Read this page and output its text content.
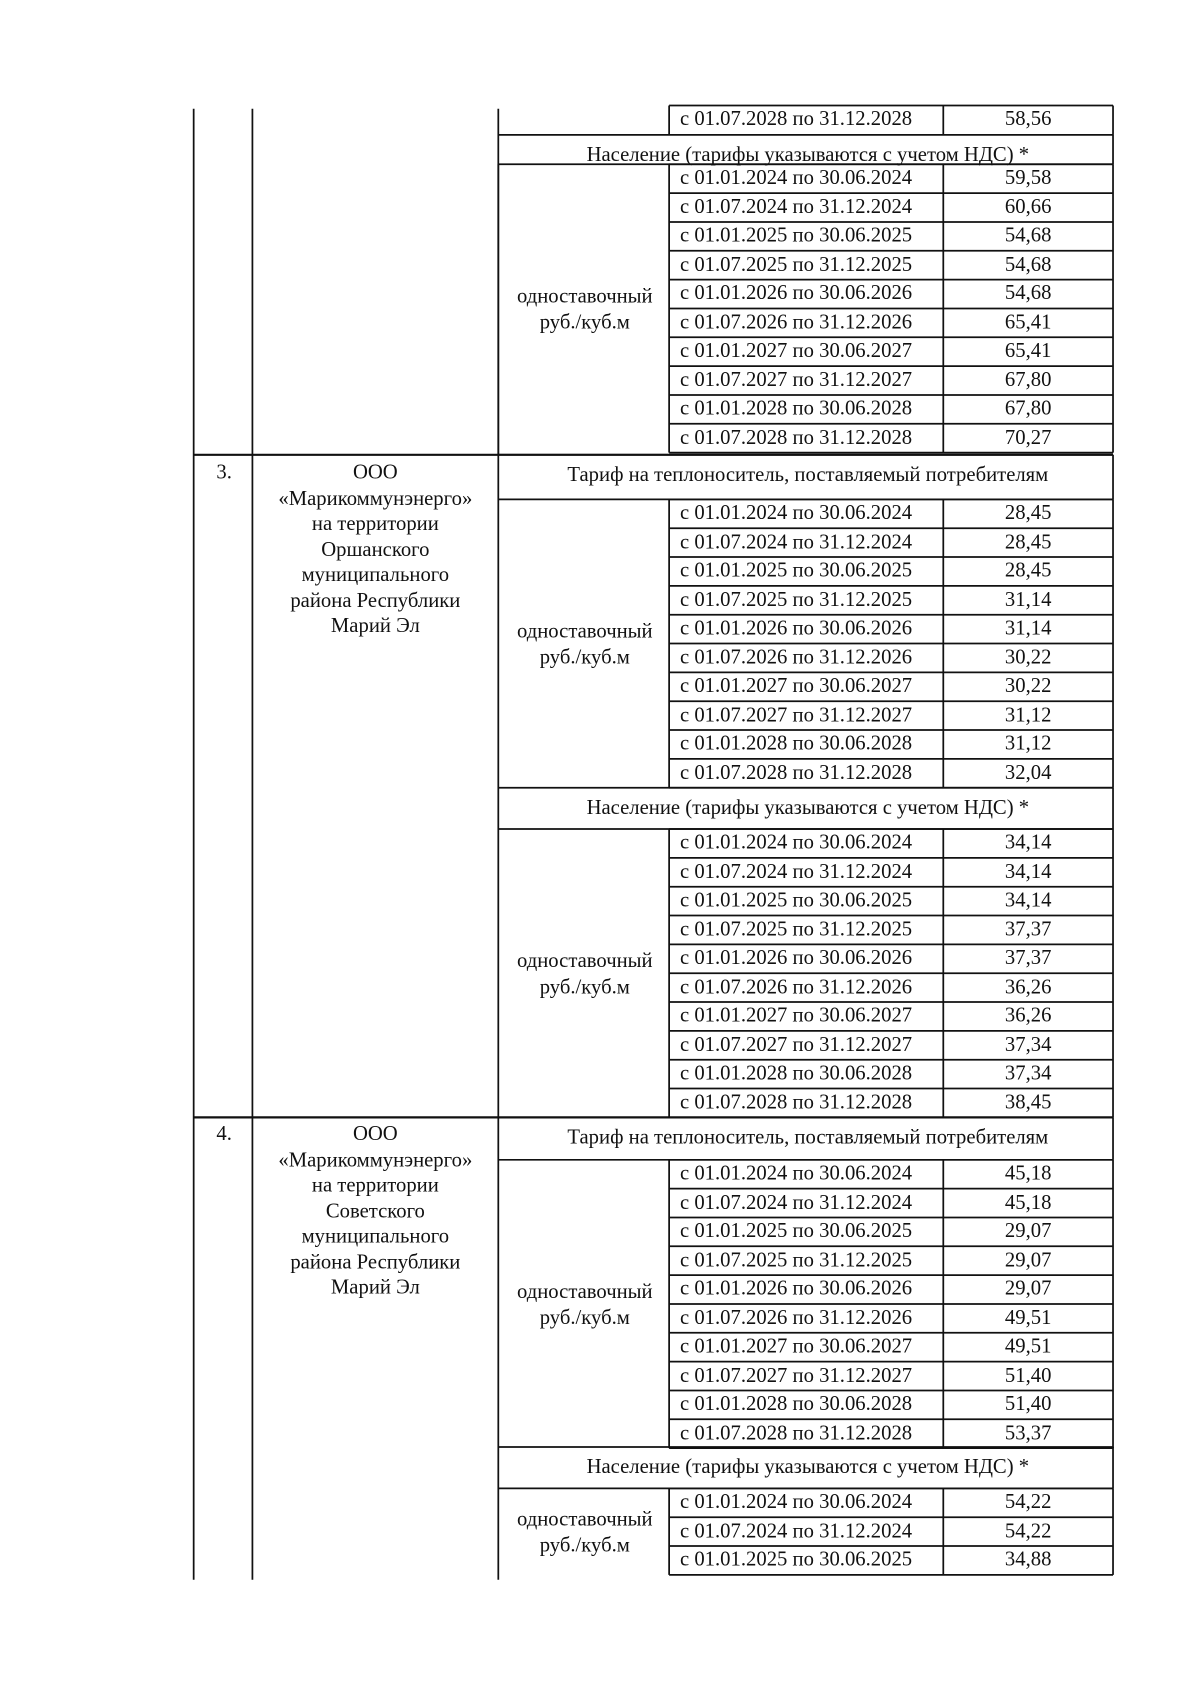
с 01.07.2028 по 31.12.2028	58,56
Население (тарифы указываются с учетом НДС) *
с 01.01.2024 по 30.06.2024	59,58
с 01.07.2024 по 31.12.2024	60,66
с 01.01.2025 по 30.06.2025	54,68
с 01.07.2025 по 31.12.2025	54,68
с 01.01.2026 по 30.06.2026	54,68
с 01.07.2026 по 31.12.2026	65,41
с 01.01.2027 по 30.06.2027	65,41
с 01.07.2027 по 31.12.2027	67,80
с 01.01.2028 по 30.06.2028	67,80
с 01.07.2028 по 31.12.2028	70,27
одноставочный
руб./куб.м
3.	ООО
«Марикоммунэнерго»
на территории
Оршанского
муниципального
района Республики
Марий Эл
Тариф на теплоноситель, поставляемый потребителям
с 01.01.2024 по 30.06.2024	28,45
с 01.07.2024 по 31.12.2024	28,45
с 01.01.2025 по 30.06.2025	28,45
с 01.07.2025 по 31.12.2025	31,14
с 01.01.2026 по 30.06.2026	31,14
с 01.07.2026 по 31.12.2026	30,22
с 01.01.2027 по 30.06.2027	30,22
с 01.07.2027 по 31.12.2027	31,12
с 01.01.2028 по 30.06.2028	31,12
с 01.07.2028 по 31.12.2028	32,04
одноставочный
руб./куб.м
Население (тарифы указываются с учетом НДС) *
с 01.01.2024 по 30.06.2024	34,14
с 01.07.2024 по 31.12.2024	34,14
с 01.01.2025 по 30.06.2025	34,14
с 01.07.2025 по 31.12.2025	37,37
с 01.01.2026 по 30.06.2026	37,37
с 01.07.2026 по 31.12.2026	36,26
с 01.01.2027 по 30.06.2027	36,26
с 01.07.2027 по 31.12.2027	37,34
с 01.01.2028 по 30.06.2028	37,34
с 01.07.2028 по 31.12.2028	38,45
одноставочный
руб./куб.м
4.	ООО
«Марикоммунэнерго»
на территории
Советского
муниципального
района Республики
Марий Эл
Тариф на теплоноситель, поставляемый потребителям
с 01.01.2024 по 30.06.2024	45,18
с 01.07.2024 по 31.12.2024	45,18
с 01.01.2025 по 30.06.2025	29,07
с 01.07.2025 по 31.12.2025	29,07
с 01.01.2026 по 30.06.2026	29,07
с 01.07.2026 по 31.12.2026	49,51
с 01.01.2027 по 30.06.2027	49,51
с 01.07.2027 по 31.12.2027	51,40
с 01.01.2028 по 30.06.2028	51,40
с 01.07.2028 по 31.12.2028	53,37
одноставочный
руб./куб.м
Население (тарифы указываются с учетом НДС) *
с 01.01.2024 по 30.06.2024	54,22
с 01.07.2024 по 31.12.2024	54,22
с 01.01.2025 по 30.06.2025	34,88
одноставочный
руб./куб.м
